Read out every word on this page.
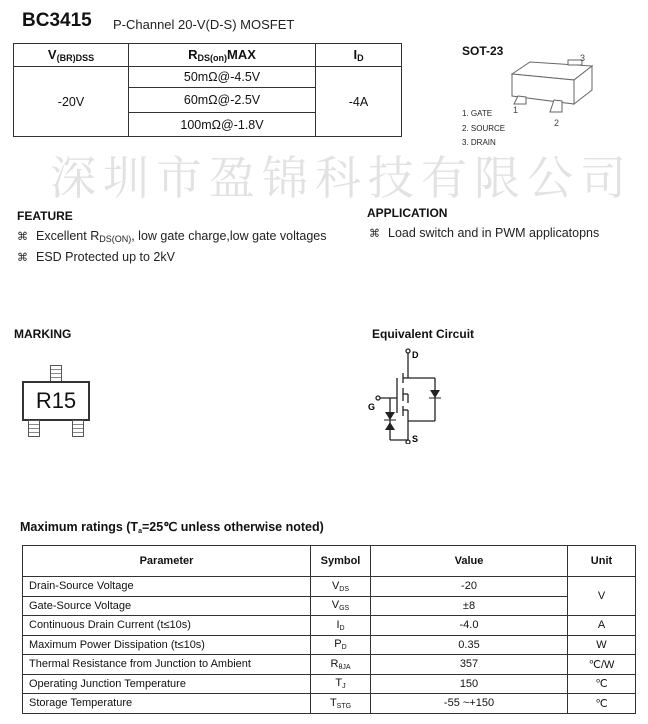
BC3415 P-Channel 20-V(D-S) MOSFET
$V_{(BR)DSS}$	$R_{DS(on)}MAX$	$I_D$
-20V	50mΩ@-4.5V	-4A
	60mΩ@-2.5V	
	100mΩ@-1.8V	
SOT-23	3
1
2
1. GATE
2. SOURCE
3. DRAIN
深圳市盈锦科技有限公司
FEATURE
⌘ Excellent $R_{DS(ON)}$, low gate charge,low gate voltages
⌘ ESD Protected up to 2kV
APPLICATION
⌘ Load switch and in PWM applicatopns
MARKING	Equivalent Circuit
R15
D
G
S
Maximum ratings ($T_a=25℃$ unless otherwise noted)
Parameter	Symbol	Value	Unit
Drain-Source Voltage	$V_{DS}$	-20	V
Gate-Source Voltage	$V_{GS}$	±8	
Continuous Drain Current (t≤10s)	$I_D$	-4.0	A
Maximum Power Dissipation (t≤10s)	$P_D$	0.35	W
Thermal Resistance from Junction to Ambient	$R_{\theta JA}$	357	℃/W
Operating Junction Temperature	$T_J$	150	℃
Storage Temperature	$T_{STG}$	-55 ~+150	℃
